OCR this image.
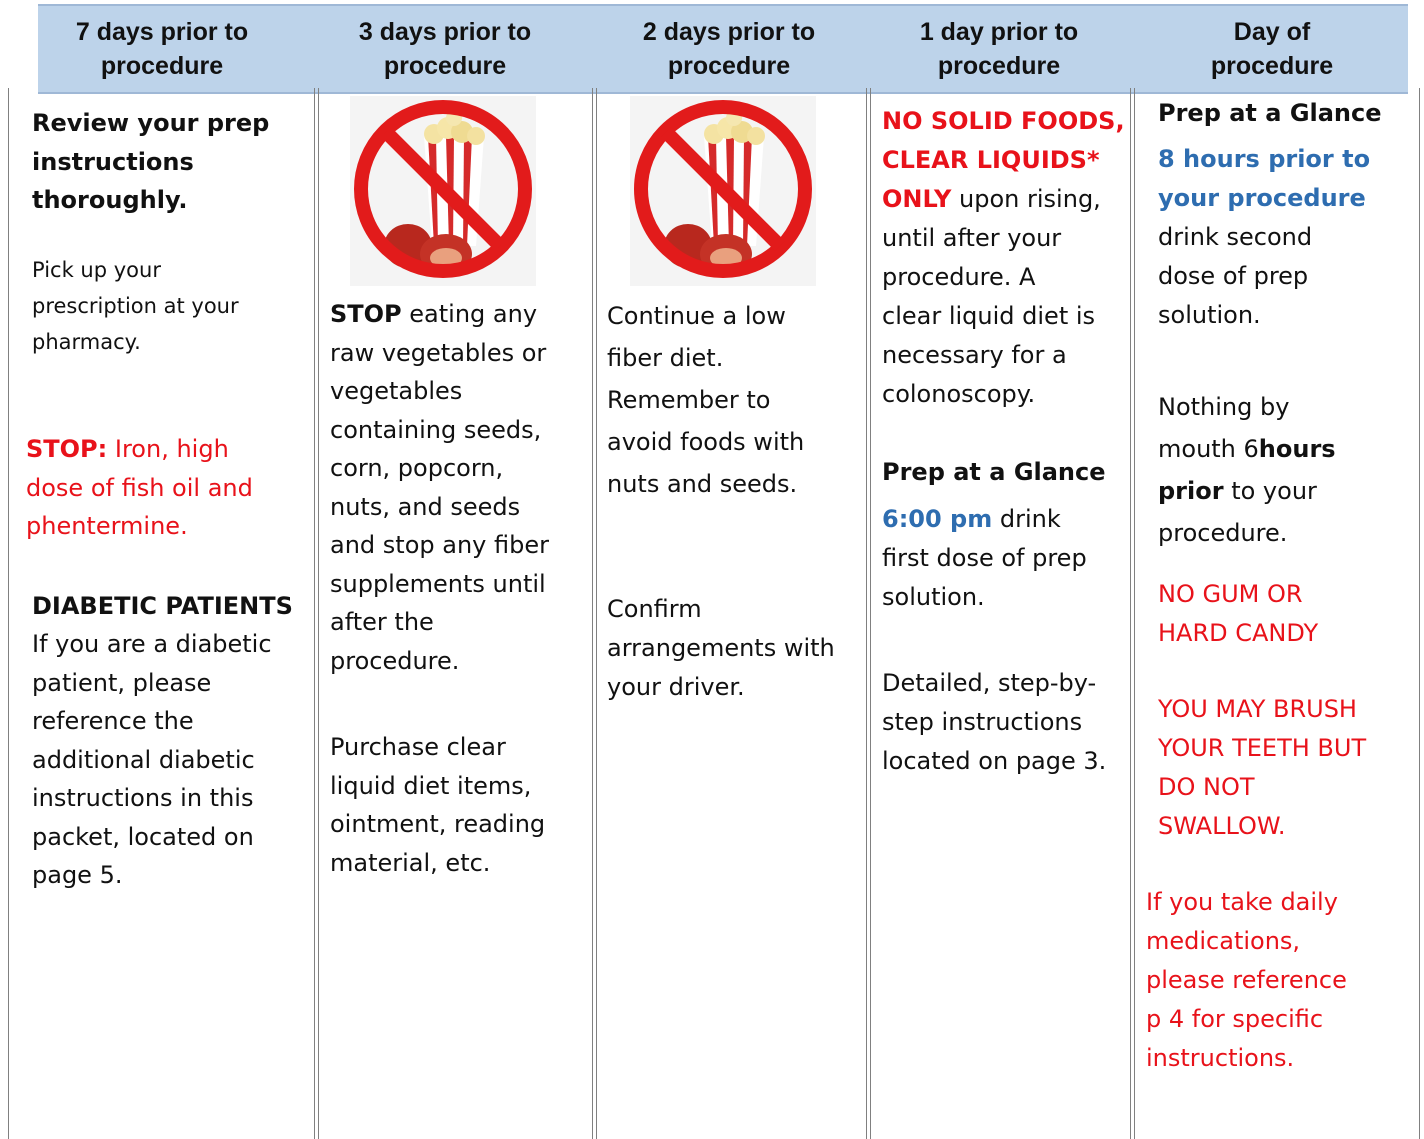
7 days prior to
procedure
3 days prior to
procedure
2 days prior to
procedure
1 day prior to
procedure
Day of
procedure
Review your prep
instructions
thoroughly.
Pick up your
prescription at your
pharmacy.
STOP: Iron, high
dose of fish oil and
phentermine.
DIABETIC PATIENTS
If you are a diabetic
patient, please
reference the
additional diabetic
instructions in this
packet, located on
page 5.
STOP eating any
raw vegetables or
vegetables
containing seeds,
corn, popcorn,
nuts, and seeds
and stop any fiber
supplements until
after the
procedure.
Purchase clear
liquid diet items,
ointment, reading
material, etc.
Continue a low
fiber diet.
Remember to
avoid foods with
nuts and seeds.
Confirm
arrangements with
your driver.
NO SOLID FOODS,
CLEAR LIQUIDS*
ONLY upon rising,
until after your
procedure. A
clear liquid diet is
necessary for a
colonoscopy.
Prep at a Glance
6:00 pm drink
first dose of prep
solution.
Detailed, step-by-
step instructions
located on page 3.
Prep at a Glance
8 hours prior to
your procedure
drink second
dose of prep
solution.
Nothing by
mouth 6hours
prior to your
procedure.
NO GUM OR
HARD CANDY
YOU MAY BRUSH
YOUR TEETH BUT
DO NOT
SWALLOW.
If you take daily
medications,
please reference
p 4 for specific
instructions.
